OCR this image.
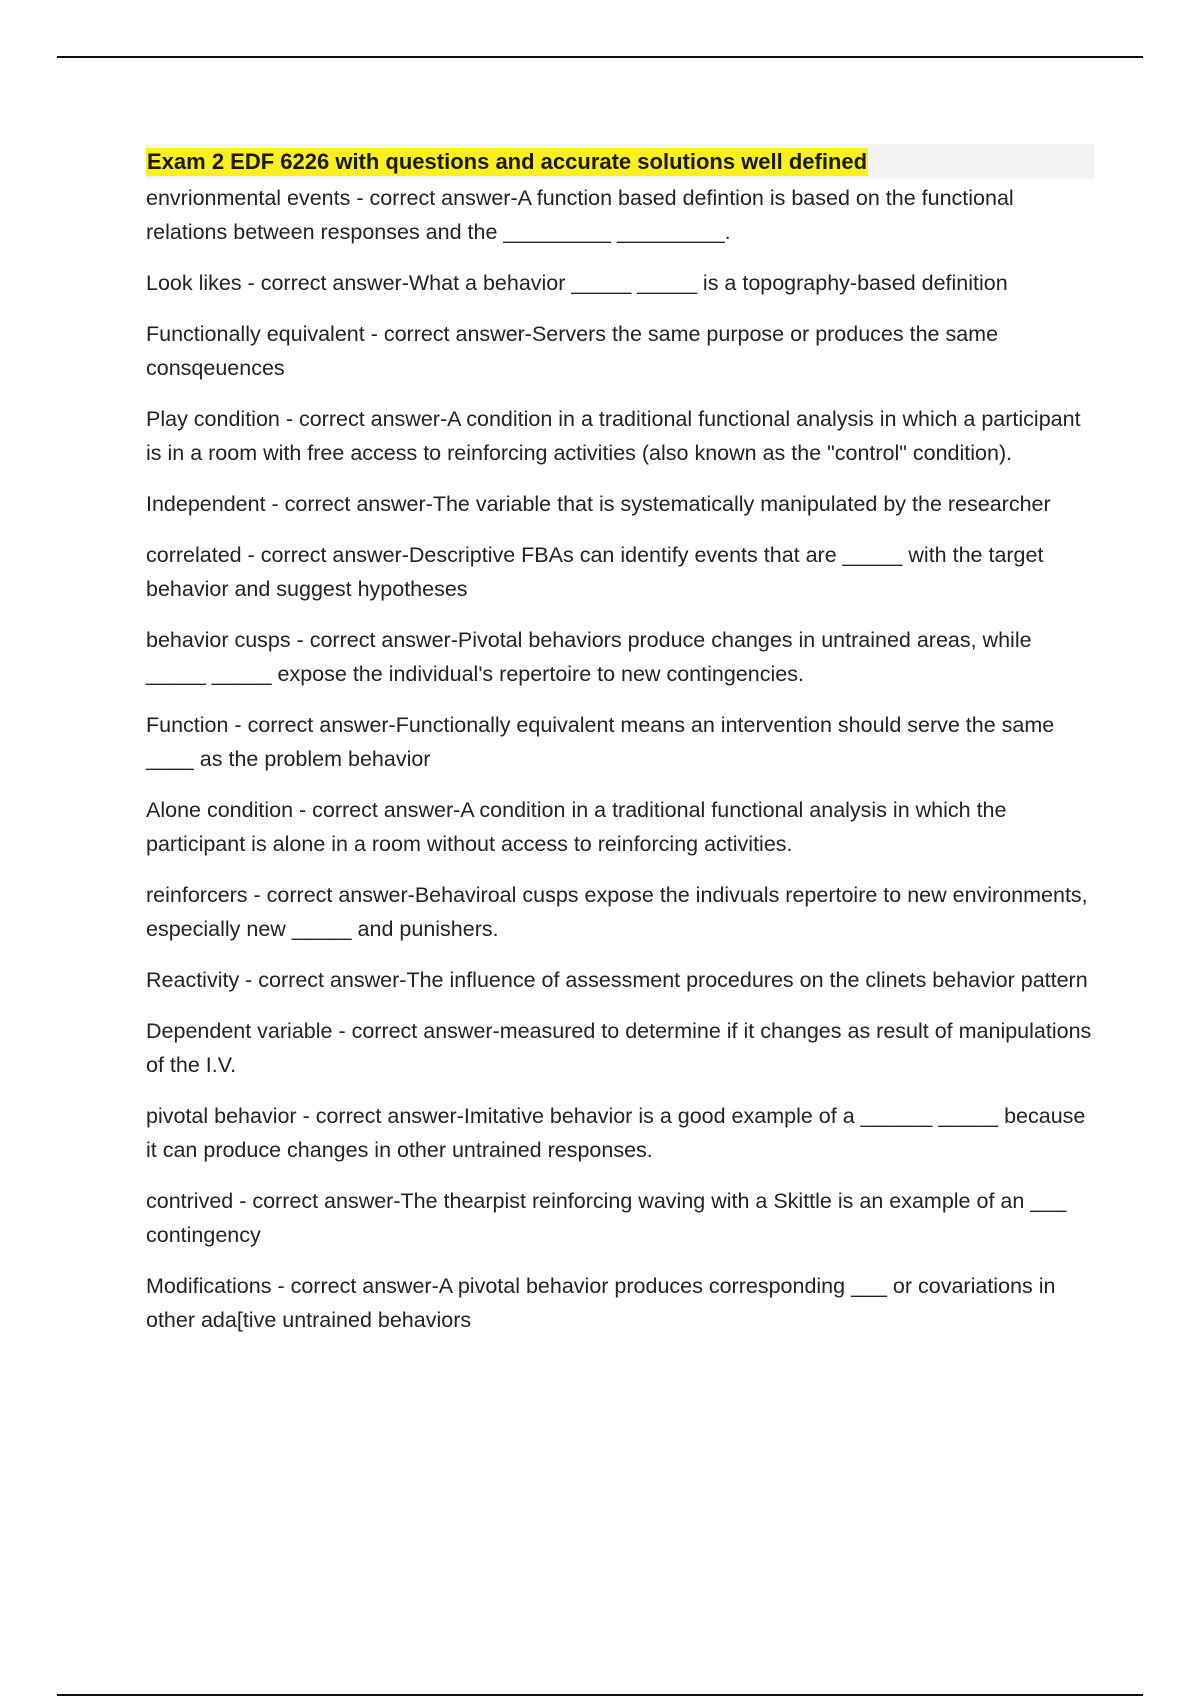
Exam 2 EDF 6226 with questions and accurate solutions well defined

envrionmental events - correct answer-A function based defintion is based on the functional relations between responses and the _________ _________.

Look likes - correct answer-What a behavior _____ _____ is a topography-based definition

Functionally equivalent - correct answer-Servers the same purpose or produces the same consqeuences

Play condition - correct answer-A condition in a traditional functional analysis in which a participant is in a room with free access to reinforcing activities (also known as the "control" condition).

Independent - correct answer-The variable that is systematically manipulated by the researcher

correlated - correct answer-Descriptive FBAs can identify events that are _____ with the target behavior and suggest hypotheses

behavior cusps - correct answer-Pivotal behaviors produce changes in untrained areas, while _____ _____ expose the individual's repertoire to new contingencies.

Function - correct answer-Functionally equivalent means an intervention should serve the same ____ as the problem behavior

Alone condition - correct answer-A condition in a traditional functional analysis in which the participant is alone in a room without access to reinforcing activities.

reinforcers - correct answer-Behaviroal cusps expose the indivuals repertoire to new environments, especially new _____ and punishers.

Reactivity - correct answer-The influence of assessment procedures on the clinets behavior pattern

Dependent variable - correct answer-measured to determine if it changes as result of manipulations of the I.V.

pivotal behavior - correct answer-Imitative behavior is a good example of a ______ _____ because it can produce changes in other untrained responses.

contrived - correct answer-The thearpist reinforcing waving with a Skittle is an example of an ___ contingency

Modifications - correct answer-A pivotal behavior produces corresponding ___ or covariations in other ada[tive untrained behaviors
